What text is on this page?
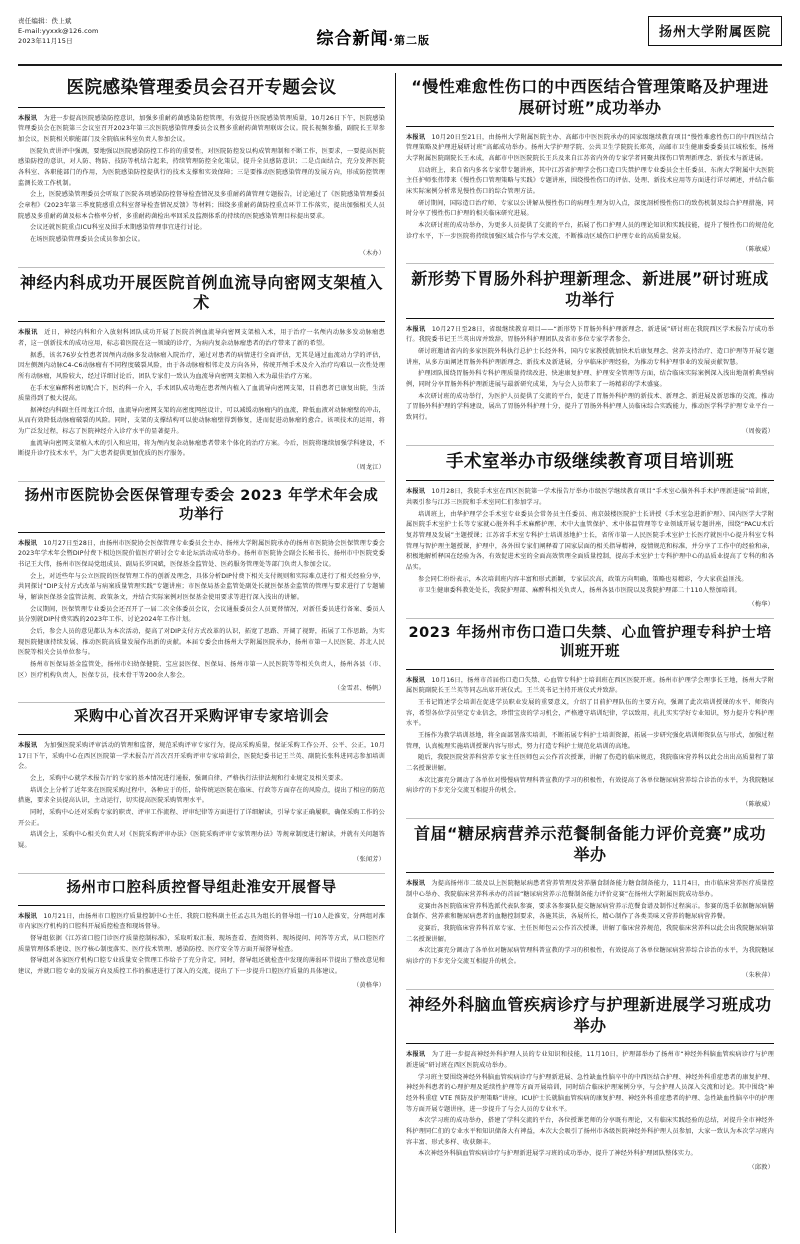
责任编辑：佚上斌
E-mail:yyxxk@126.com
2023年11月15日	综合新闻·第二版
扬州大学附属医院
医院感染管理委员会召开专题会议

本报讯　为进一步提高医院感染防控意识，加强多重耐药菌感染防控管理，有效提升医院感染管理质量，10月26日下午，医院感染管理委员会在医院第三会议室召开2023年第三次医院感染管理委员会议暨多重耐药菌管理联席会议。院长视频参播，副院长王翠参加会议，医院相关职能部门及全院临床科室负责人参加会议。

医院负责讲评中强调，要地强以医院感染防控工作的的重要性，对医院防控发以构成管理制和不断工作，医要求，一要提高医院感染防控的意识，对人防、物防、技防等机结合起来，持续管理防控全化策层，提升全员感防意识；二是点面结合，充分发挥医院各科室、各职能部门的作用，为医院感染防控提供行的技术支撑和实效保障；三是要推动医院感染管理的发展方向，形成防控管理监测长效工作机制。

会上，医院感染管理委员会听取了医院各项感染防控督导检查情况及多重耐药菌管理专题报告，讨论通过了《医院感染管理委员会章程》《2023年第三季度院感重点科室督导检查情况反馈》等材料；围绕多重耐药菌防控重点环节工作落实，提出加强相关人员院感及多重耐药菌及标本合格率分析，多重耐药菌检出率回采及监测体系的持续的医院感染管理目标提出要求。

会议还就医院重点ICU科室及围手术期感染管理事宜进行讨论。

在场医院感染管理委员会成员参加会议。

（木办）
神经内科成功开展医院首例血流导向密网支架植入术

本报讯　近日，神经内科和介入放射科团队成功开展了医院首例血流导向密网支架植入术，用于治疗一名颅内动脉多发动脉瘤患者，这一创新技术的成功应用，标志着医院在这一领域的诊疗，为病内复杂动脉瘤患者的治疗带来了新的希望。

据悉，该名76岁女性患者因颅内动脉多发动脉瘤入院治疗，通过对患者的病情进行全面评估，无其是通过血流动力学的评估，因左侧颈内动脉C4-C6动脉瘤有不同程度破裂风险，由于各动脉瘤相邻走及方向各异，传统开颅手术及介入治疗均难以一次性处理所有动脉瘤，风险较大，经过详细讨论后，团队专家们一致认为血流导向密网支架植入术为最佳治疗方案。

在手术室麻醉科密切配合下，医约科一介入，手术团队成功地在患者颅内植入了血流导向密网支架，目前患者已康复出院，生活质量得到了极大提高。

据神经内科副主任周龙江介绍，血流导向密网支架的高密度网丝设计，可以减缓动脉瘤内的血流，降低血液对动脉瘤壁的冲击，从而有效降低动脉瘤破裂的风险。同时，支架的支撑结构可以使动脉瘤壁得到修复，进而促进动脉瘤的愈合。该项技术的运用，将为广泛发过程，标志了医院神经介入诊疗水平的显著提升。

血流导向密网支架植入术的引入和应用，将为颅内复杂动脉瘤患者带来个体化的治疗方案。今后，医院将继续加强学科建设，不断提升诊疗技术水平，为广大患者提供更加优质的医疗服务。

（周龙江）
扬州市医院协会医保管理专委会 2023 年学术年会成功举行

本报讯　10月27日至28日，由扬州市医院协会医保管理专业委员会主办、扬州大学附属医院承办的扬州市医院协会医保管理专委会2023年学术年会暨DIP付费下相边医院价值医疗研讨会专业论坛活动成功举办。扬州市医院协会副会长秘书长、扬州市中医院党委书记王大伟，扬州市医保局党组成员、副局长罗国斌，医保基金监管处、医药服务管理处等部门负责人参加会议。

会上，对近些年与公立医院的医保管理工作的创新及理念，具体分析DIP付费下相关支付规则和实际难点进行了相关经验分享，共同探讨“DIP支付方式改革与病案质量管理实践”专题讲座；市医保局基金监管处副处长就医保基金监管的管理与要求进行了专题辅导，解读医保基金监管法规、政策条文，并结合实际案例对医保基金使用要求等进行深入浅出的讲解。

会议期间，医保管理专业委员会还召开了一届二次全体委员会议，会议通报委员会人员更替情况，对新任委员进行备案、委员人员分别就DIP付费实践的2023年工作、讨论2024年工作计划。

会后，参会人员的意见都认为本次活动，提高了对DIP支付方式改革的认识，拓宽了思路、开阔了视野，拓展了工作思路，为实现医院健康持续发展、推动医院高质量发展作出新的贡献。本届专委会由扬州大学附属医院承办，扬州市第一人民医院、苏北人民医院等相关会员单位参与。

扬州市医保局基金监管处，扬州市妇幼保健院、宝应县医保、医保局、扬州市第一人民医院等等相关负责人，扬州各县（市、区）医疗机构负责人，医保专员，技术骨干等200余人参会。

（金雪君、杨帆）
采购中心首次召开采购评审专家培训会

本报讯　为加强医院采购评审活动的管理和监督，规范采购评审专家行为，提高采购质量，保证采购工作公开、公平、公正，10月17日下午，采购中心在西区医院第一学术报告厅首次召开采购评审专家培训会，医院纪委书记王兰英、副院长张科进同志参加培训会。

会上，采购中心就学术报告厅的专家的基本情况进行通报，强调自律，严格执行法律法规和行业规定及相关要求。

培训会上分析了近年来在医院采购过程中，各种应于的任，给传统运医院在临床、行政等方面存在的风险点，提出了相应的防范措施，要求全员提高认识，主动运行，切实提高医院采购管理水平。

同时，采购中心还对采购专家的职责、评审工作流程、评审纪律等方面进行了详细解读，引导专家正确履职，确保采购工作的公开公正。

培训会上，采购中心相关负责人对《医院采购评审办法》《医院采购评审专家管理办法》等规章制度进行解读，并就有关问题答疑。

（张闻芳）
扬州市口腔科质控督导组赴淮安开展督导

本报讯　10月21日，由扬州市口腔医疗质量控制中心主任、我院口腔科副主任孟志具为组长的督导组一行10人赴淮安，分两组对淮市内家医疗机构的口腔科开展质控检查和现场督导。

督导组依据《江苏省口腔门诊医疗质量控制标准》，采取听取汇报、现场查看、查阅资料、现场提问、问答等方式，从口腔医疗质量管理体系建设、医疗核心制度落实、医疗技术管理、感染防控、医疗安全等方面开展督导检查。

督导组对各家医疗机构口腔专业质量安全管理工作给予了充分肯定，同时，督导组还就检查中发现的薄弱环节提出了整改意见和建议，并就口腔专业的发展方向及质控工作的推进进行了深入的交流，提出了下一步提升口腔医疗质量的具体建议。

（黄格华）
“慢性难愈性伤口的中西医结合管理策略及护理进展研讨班”成功举办

本报讯　10月20日至21日，由扬州大学附属医院主办、高邮市中医医院承办的国家级继续教育项目“慢性难愈性伤口的中西医结合管理策略及护理进展研讨班”高邮成功举办。扬州大学护理学院、公共卫生学院院长郑英，高邮市卫生健康委委委员江城松张，扬州大学附属医院副院长王永成，高邮市中医医院院长王兵及来自江苏省内外的专家学者同聚共探伤口管理新理念、新技术与新进展。

启动班上，来自省内多名专家带专题讲座，其中江苏省护理学会伤口造口失禁护理专业委员会主任委员、东南大学附属中大医院主任护师张伟带来《慢性伤口管理策略与实践》专题讲座，围绕慢性伤口的评估、处理、新技术应用等方面进行详尽阐述，并结合临床实际案例分析常见慢性伤口的综合管理方法。

研讨期间，国际造口治疗师、专家以公讲解从慢性伤口的病理生理为切入点，深度剖析慢性伤口的致伤机制及综合护理措施，同时分享了慢性伤口护理的相关临床研究进展。

本次研讨班的成功举办，为更多人员提供了交流的平台，拓展了伤口护理人员的理论知识和实践技能，提升了慢性伤口的规范化诊疗水平，下一步医院将持续加强区域合作与学术交流，不断推动区域伤口护理专业的高质量发展。

（陈敏威）
新形势下胃肠外科护理新理念、新进展”研讨班成功举行

本报讯　10月27日至28日，省级继续教育项目——“新形势下胃肠外科护理新理念、新进展”研讨班在我院西区学术报告厅成功举行。我院委书记王兰英出席并致辞，胃肠外科护理团队及省市多位专家学者参会。

研讨班邀请省内的多家医院外科执行总护士长经外科，国内专家教授就加快术后康复理念、营养支持治疗、造口护理等开展专题讲座，从多方面阐述胃肠外科护理新理念、新技术及新进展，分享临床护理经验，为推动专科护理事业的发展贡献智慧。

护理团队围绕胃肠外科专科护理质量持续改进、快速康复护理、护理安全管理等方面，结合临床实际案例深入浅出地剖析典型病例，同时分享胃肠外科护理新进展与最新研究成果，为与会人员带来了一场精彩的学术盛宴。

本次研讨班的成功举行，为医护人员提供了交流的平台，促进了胃肠外科护理的新技术、新理念、新进展及新思维的交流，推动了胃肠外科护理的学科建设，展出了胃肠外科护理十分，提升了胃肠外科护理人员临床综合实践能力，推动医学科学护理专业平台一致同行。

（周俊霞）
手术室举办市级继续教育项目培训班

本报讯　10月28日，我院手术室在西区医院第一学术报告厅举办市级医学继续教育项目“手术室心脑外科手术护理新进展”培训班，共吸引参与江苏三医院和手术室同仁们参加学习。

培训班上，由华护理学会手术室专业委员会常务员主任委员、南京鼓楼医院护士长讲授《手术室急进新护理》、国内医学大学附属医院手术室护士长等专家就心脏外科手术麻醉护理、术中大血管保护、术中体温管理等专业领域开展专题讲座，围绕“PACU术后复苏管理及发展”主题授课；江苏省手术室专科护士培训基地护士长，省所市第一人民医院手术室护士长医疗就医中心提升科室专科管理与智护理主题授课，护理中，各外围专家们阐释着了国家层面的相关指导精神，疫情规范和标准，并分享了工作中的经验和亲，积极地解析释国在经验为各，有效促进术室的全面高效管理全面质量控制，提高手术室护士专科护理中心的品质业提高了专科的和各品实。

参会同仁纷纷表示，本次培训班内容丰富和形式新颖，专家层次高，政策方向明确，策略也易精彩，令大家获益匪浅。

市卫生健康委科教处处长，我院护理部、麻醉科相关负责人，扬州各县市医院以及我院护理部二十110人整加培训。

（梅华）
2023 年扬州市伤口造口失禁、心血管护理专科护士培训班开班

本报讯　10月16日，扬州市首届伤口造口失禁、心血管专科护士培训班在西区医院开班。扬州市护理学会理事长王地，扬州大学附属医院副院长王兰英等同志出席开班仪式。王兰英书记主持开班仪式并致辞。

王书记简述学会培训在促进学员职业发展的重要意义，介绍了目前护理队伍的主要方向，强调了此次培训授课的水平、师资内容，希望各位学员坚定专业信念，珍惜宝贵的学习机会，严格遵守培训纪律，学以致用，扎扎实实学好专业知识，努力提升专科护理水平。

王扬作为教学培训基地，将全面部署落实培训，不断拓展专科护士培训资源，拓展一步研究强化培训师资队伍与形式，加强过程管理，认真梳理实施培训授课内容与形式，努力打造专科护士规范化培训的高地。

随后，我院医院营养科营养专家主任医师包云公作首次授课，讲解了伤造的临床规范，我院临床营养科以此会出出高质量程了第二名授课讲解。

本次比赛充分调动了各单位对慢慢病管理科普宣教的学习的积极性，有效提高了各单位糖尿病营养综合诊治的水平，为我院糖尿病诊疗的下步充分交流互相提升的机会。

（陈敏威）
首届“糖尿病营养示范餐制备能力评价竞赛”成功举办

本报讯　为提高扬州市二级及以上医院糖尿病患者营养管理及营养膳食制备能力糖食制备能力，11月4日，由市临床营养医疗质量控制中心举办、我院临床营养科承办的首届“糖尿病营养示范餐制备能力评价竞赛”在扬州大学附属医院成功举办。

竞赛由各医院临床营养科选派代表队参赛，要求各参赛队提交糖尿病营养示范餐食谱及制作过程演示。参赛的选手依据糖尿病膳食制作、营养素和糖尿病患者的血糖控制要求，各施其法，各展所长，精心制作了各类美味又营养的糖尿病营养餐。

竞赛后，我院临床营养科首席专家、主任医师包云公作首次授课，讲解了临床营养规范，我院临床营养科以此会出我院糖尿病第二名授课讲解。

本次比赛充分调动了各单位对糖尿病管理科普宣教的学习的积极性，有效提高了各单位糖尿病营养综合诊治的水平，为我院糖尿病诊疗的下步充分交流互相提升的机会。

（朱秋萍）
神经外科脑血管疾病诊疗与护理新进展学习班成功举办

本报讯　为了进一步提高神经外科护理人员的专业知识和技能，11月10日，护理部举办了扬州市“神经外科脑血管疾病诊疗与护理新进展”研讨班在西区医院成功举办。

学习班主要围绕神经外科脑血管疾病诊疗与护理新进展、急性缺血性脑卒中的中西医结合护理、神经外科重症患者的康复护理、神经外科患者的心理护理及延续性护理等方面开展培训，同时结合临床护理案例分享，与会护理人员深入交流和讨论。其中围绕“神经外科重症 VTE 预防及护理策略”讲座，ICU护士长就脑血管疾病的康复护理、神经外科重症患者的护理、急性缺血性脑卒中的护理等方面开展专题讲座，进一步提升了与会人员的专业水平。

本次学习班的成功举办，搭建了学科交流的平台，各位授课老师的分享既有理论，又有临床实践经验的总结，对提升全市神经外科护理同仁们的专业水平和知识储备大有裨益，本次大会吸引了扬州市各级医院神经外科护理人员参加，大家一致认为本次学习班内容丰富、形式多样、收获颇丰。

本次神经外科脑血管疾病诊疗与护理新进展学习班的成功举办，提升了神经外科护理团队整体实力。

（邱敦）
